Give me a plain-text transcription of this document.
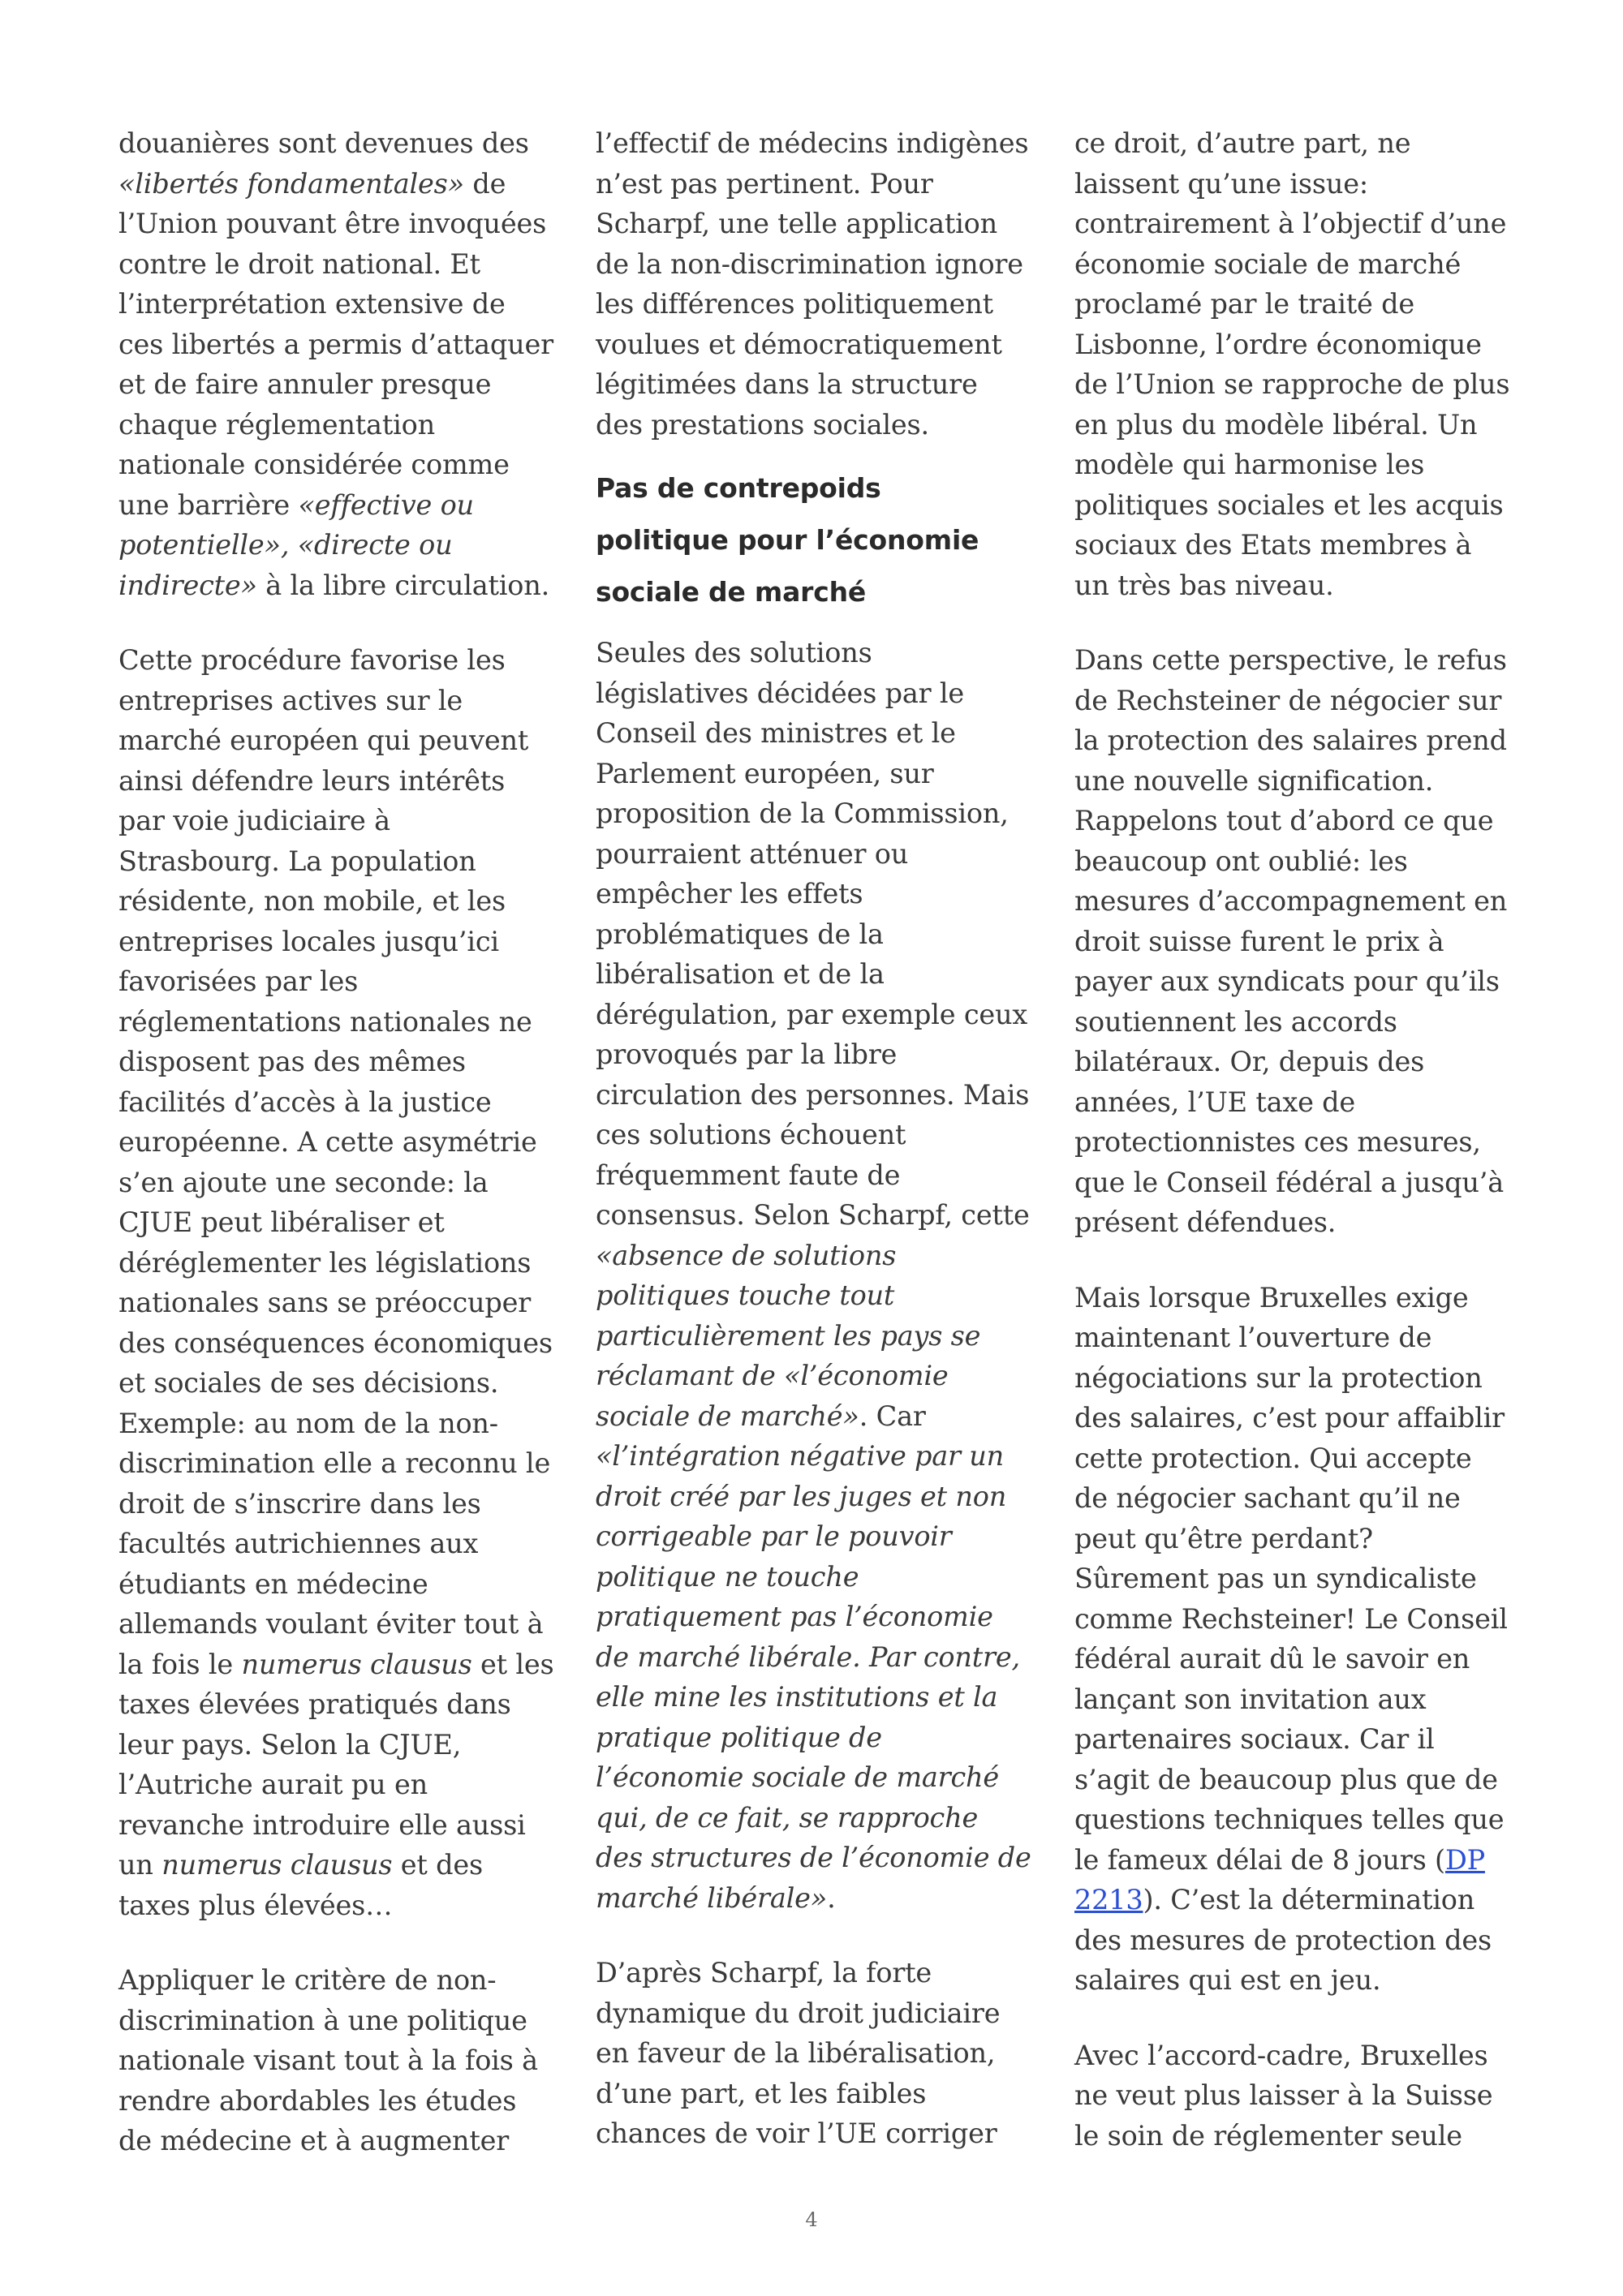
douanières sont devenues des
«libertés fondamentales» de
l’Union pouvant être invoquées
contre le droit national. Et
l’interprétation extensive de
ces libertés a permis d’attaquer
et de faire annuler presque
chaque réglementation
nationale considérée comme
une barrière «effective ou
potentielle», «directe ou
indirecte» à la libre circulation.
Cette procédure favorise les
entreprises actives sur le
marché européen qui peuvent
ainsi défendre leurs intérêts
par voie judiciaire à
Strasbourg. La population
résidente, non mobile, et les
entreprises locales jusqu’ici
favorisées par les
réglementations nationales ne
disposent pas des mêmes
facilités d’accès à la justice
européenne. A cette asymétrie
s’en ajoute une seconde: la
CJUE peut libéraliser et
déréglementer les législations
nationales sans se préoccuper
des conséquences économiques
et sociales de ses décisions.
Exemple: au nom de la non-
discrimination elle a reconnu le
droit de s’inscrire dans les
facultés autrichiennes aux
étudiants en médecine
allemands voulant éviter tout à
la fois le numerus clausus et les
taxes élevées pratiqués dans
leur pays. Selon la CJUE,
l’Autriche aurait pu en
revanche introduire elle aussi
un numerus clausus et des
taxes plus élevées…
Appliquer le critère de non-
discrimination à une politique
nationale visant tout à la fois à
rendre abordables les études
de médecine et à augmenter
l’effectif de médecins indigènes
n’est pas pertinent. Pour
Scharpf, une telle application
de la non-discrimination ignore
les différences politiquement
voulues et démocratiquement
légitimées dans la structure
des prestations sociales.
Pas de contrepoids
politique pour l’économie
sociale de marché
Seules des solutions
législatives décidées par le
Conseil des ministres et le
Parlement européen, sur
proposition de la Commission,
pourraient atténuer ou
empêcher les effets
problématiques de la
libéralisation et de la
dérégulation, par exemple ceux
provoqués par la libre
circulation des personnes. Mais
ces solutions échouent
fréquemment faute de
consensus. Selon Scharpf, cette
«absence de solutions
politiques touche tout
particulièrement les pays se
réclamant de «l’économie
sociale de marché». Car
«l’intégration négative par un
droit créé par les juges et non
corrigeable par le pouvoir
politique ne touche
pratiquement pas l’économie
de marché libérale. Par contre,
elle mine les institutions et la
pratique politique de
l’économie sociale de marché
qui, de ce fait, se rapproche
des structures de l’économie de
marché libérale».
D’après Scharpf, la forte
dynamique du droit judiciaire
en faveur de la libéralisation,
d’une part, et les faibles
chances de voir l’UE corriger
ce droit, d’autre part, ne
laissent qu’une issue:
contrairement à l’objectif d’une
économie sociale de marché
proclamé par le traité de
Lisbonne, l’ordre économique
de l’Union se rapproche de plus
en plus du modèle libéral. Un
modèle qui harmonise les
politiques sociales et les acquis
sociaux des Etats membres à
un très bas niveau.
Dans cette perspective, le refus
de Rechsteiner de négocier sur
la protection des salaires prend
une nouvelle signification.
Rappelons tout d’abord ce que
beaucoup ont oublié: les
mesures d’accompagnement en
droit suisse furent le prix à
payer aux syndicats pour qu’ils
soutiennent les accords
bilatéraux. Or, depuis des
années, l’UE taxe de
protectionnistes ces mesures,
que le Conseil fédéral a jusqu’à
présent défendues.
Mais lorsque Bruxelles exige
maintenant l’ouverture de
négociations sur la protection
des salaires, c’est pour affaiblir
cette protection. Qui accepte
de négocier sachant qu’il ne
peut qu’être perdant?
Sûrement pas un syndicaliste
comme Rechsteiner! Le Conseil
fédéral aurait dû le savoir en
lançant son invitation aux
partenaires sociaux. Car il
s’agit de beaucoup plus que de
questions techniques telles que
le fameux délai de 8 jours (DP
2213). C’est la détermination
des mesures de protection des
salaires qui est en jeu.
Avec l’accord-cadre, Bruxelles
ne veut plus laisser à la Suisse
le soin de réglementer seule
4
